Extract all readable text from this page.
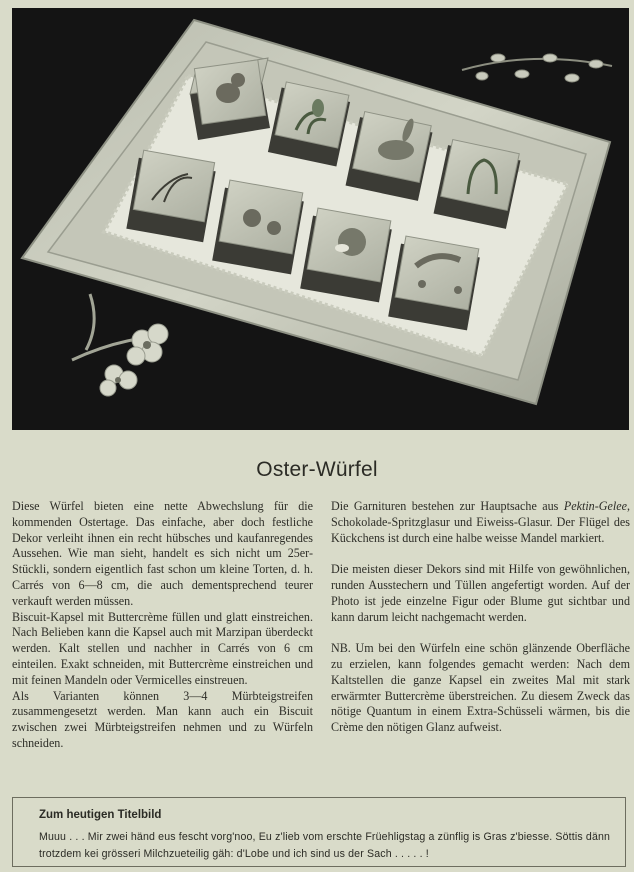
Oster-Würfel

Diese Würfel bieten eine nette Abwechslung für die kommenden Ostertage. Das einfache, aber doch festliche Dekor verleiht ihnen ein recht hübsches und kaufanregendes Aussehen. Wie man sieht, handelt es sich nicht um 25er-Stückli, sondern eigentlich fast schon um kleine Torten, d. h. Carrés von 6—8 cm, die auch dementsprechend teurer verkauft werden müssen.

Biscuit-Kapsel mit Buttercrème füllen und glatt einstreichen. Nach Belieben kann die Kapsel auch mit Marzipan überdeckt werden. Kalt stellen und nachher in Carrés von 6 cm einteilen. Exakt schneiden, mit Buttercrème einstreichen und mit feinen Mandeln oder Vermicelles einstreuen.

Als Varianten können 3—4 Mürbteigstreifen zusammengesetzt werden. Man kann auch ein Biscuit zwischen zwei Mürbteigstreifen nehmen und zu Würfeln schneiden.

Die Garnituren bestehen zur Hauptsache aus Pektin-Gelee, Schokolade-Spritzglasur und Eiweiss-Glasur. Der Flügel des Kückchens ist durch eine halbe weisse Mandel markiert.

Die meisten dieser Dekors sind mit Hilfe von gewöhnlichen, runden Ausstechern und Tüllen angefertigt worden. Auf der Photo ist jede einzelne Figur oder Blume gut sichtbar und kann darum leicht nachgemacht werden.

NB. Um bei den Würfeln eine schön glänzende Oberfläche zu erzielen, kann folgendes gemacht werden: Nach dem Kaltstellen die ganze Kapsel ein zweites Mal mit stark erwärmter Buttercrème überstreichen. Zu diesem Zweck das nötige Quantum in einem Extra-Schüsseli wärmen, bis die Crème den nötigen Glanz aufweist.

Zum heutigen Titelbild
Muuu . . . Mir zwei händ eus fescht vorg'noo, Eu z'lieb vom erschte Früehligstag a zünflig is Gras z'biesse. Söttis dänn trotzdem kei grösseri Milchzueteilig gäh: d'Lobe und ich sind us der Sach . . . . . !
